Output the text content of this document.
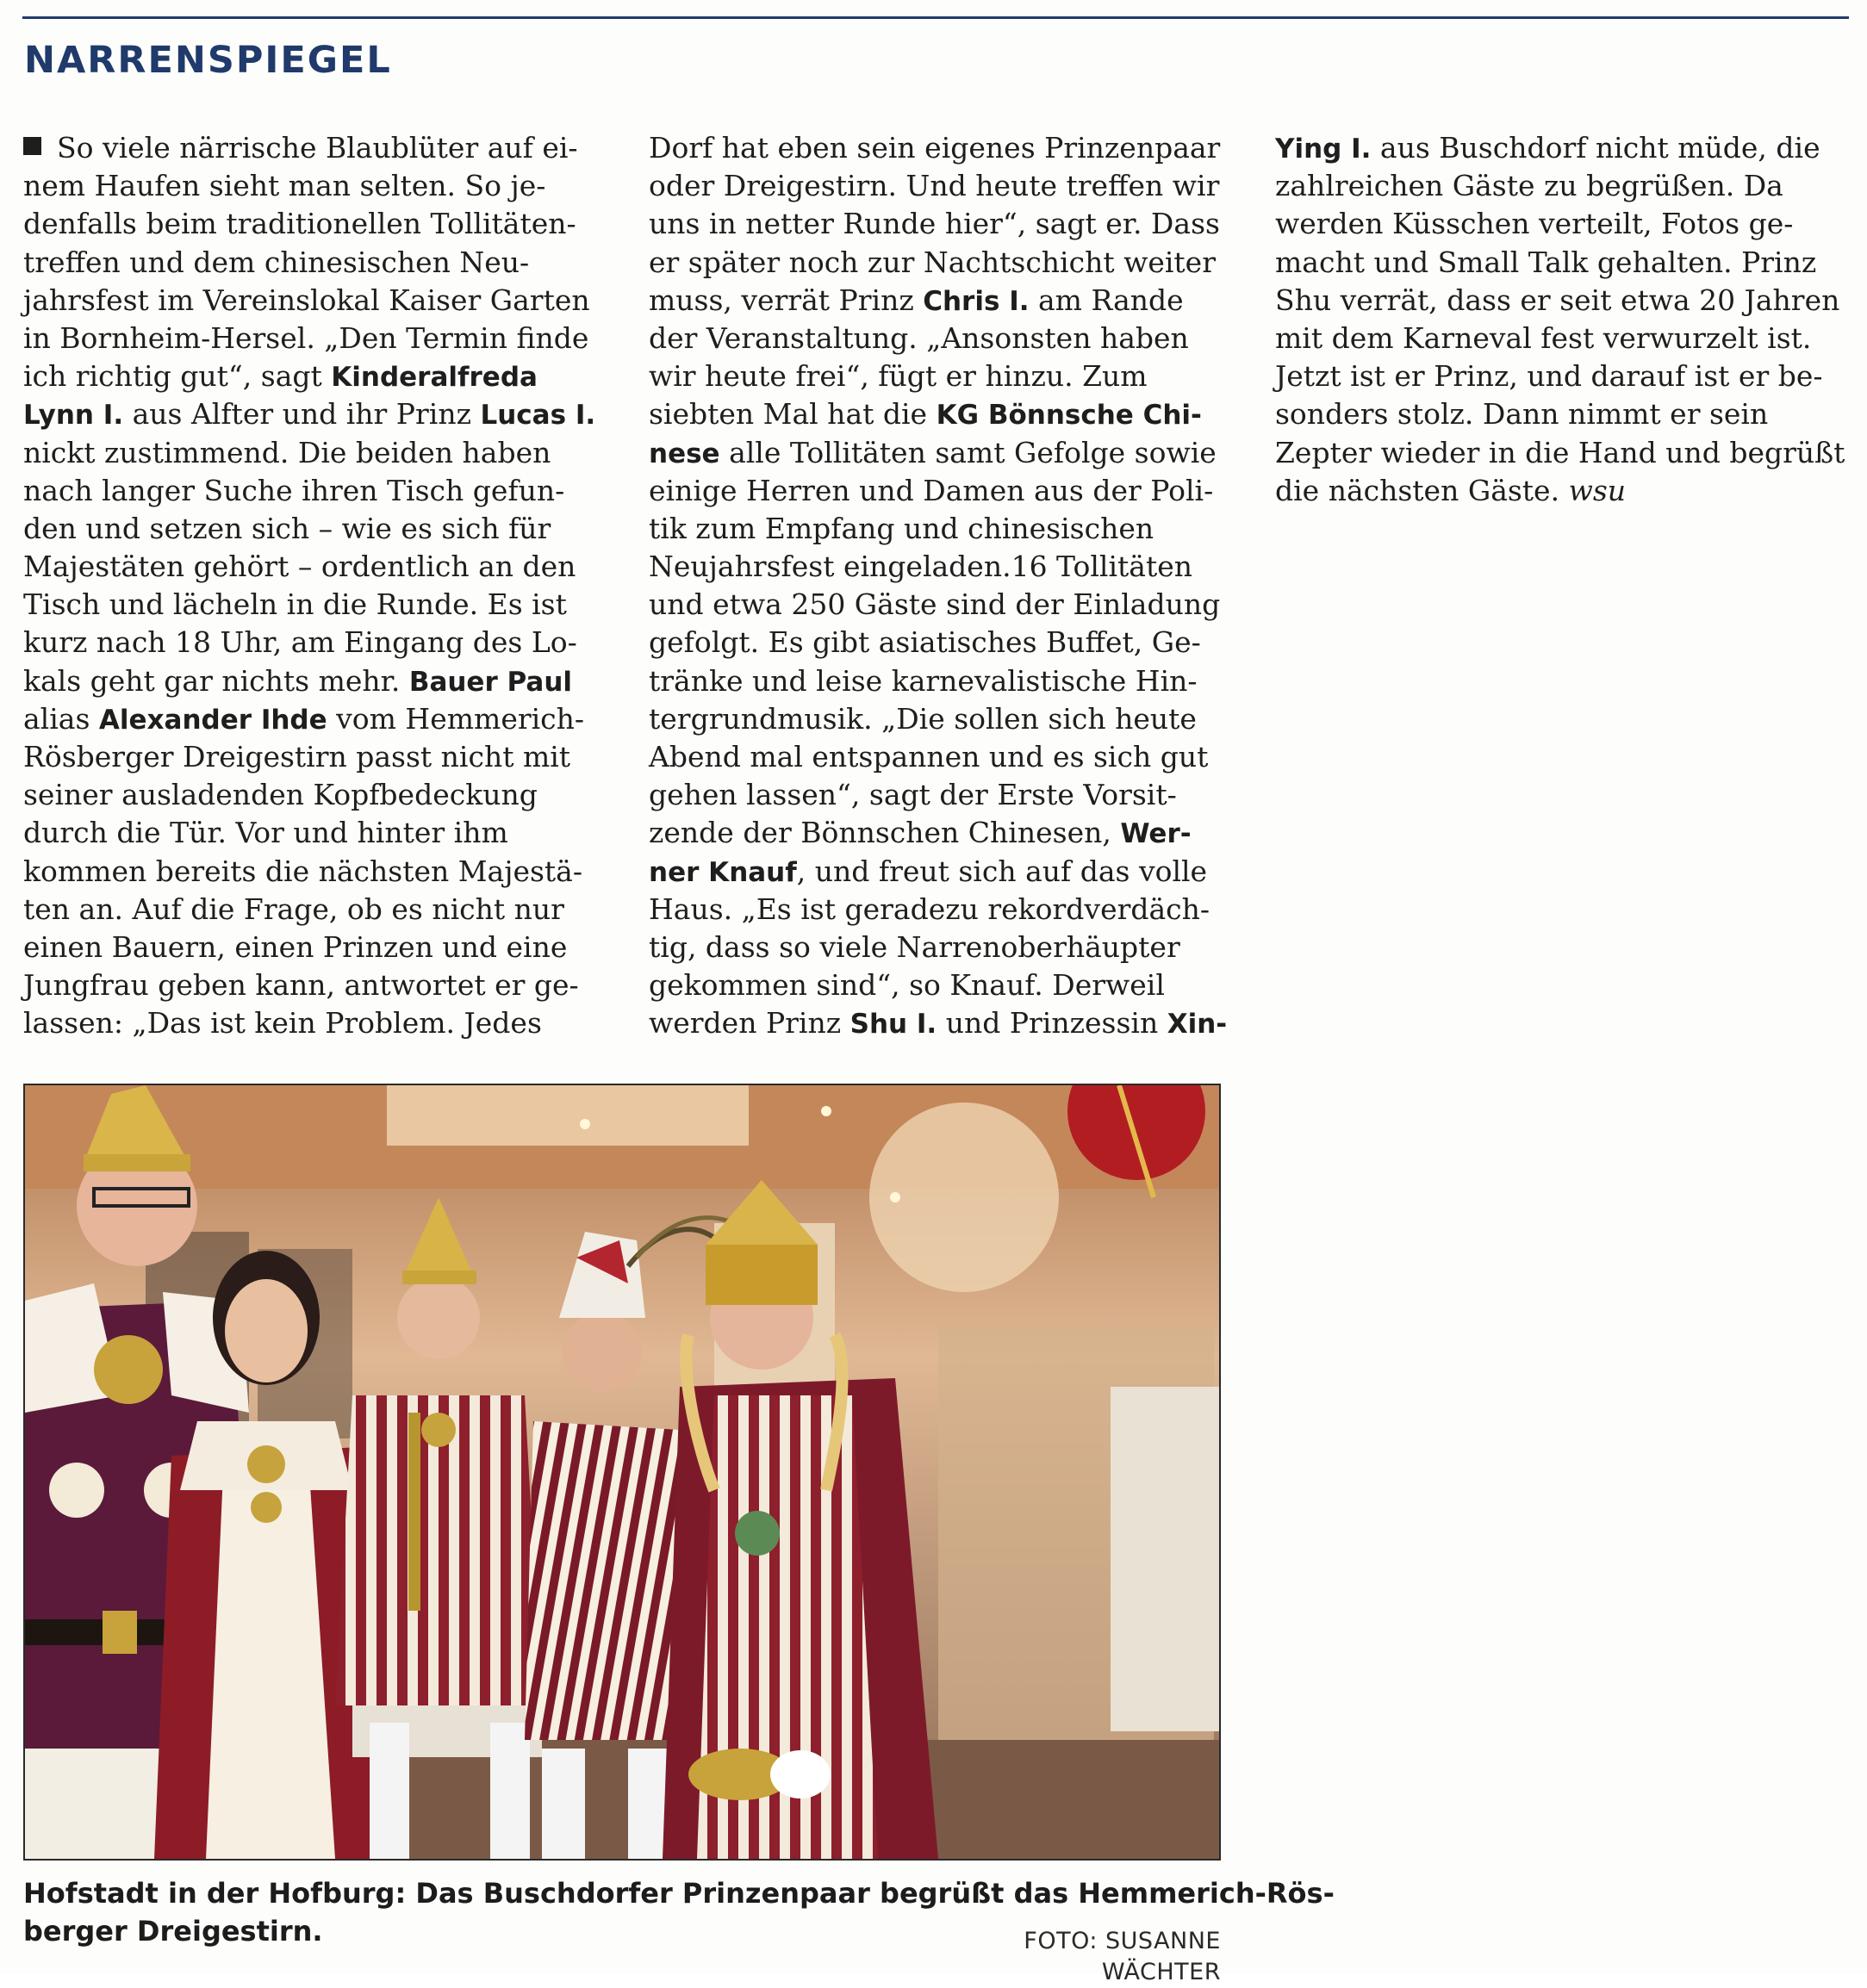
NARRENSPIEGEL
So viele närrische Blaublüter auf ei-
nem Haufen sieht man selten. So je-
denfalls beim traditionellen Tollitäten-
treffen und dem chinesischen Neu-
jahrsfest im Vereinslokal Kaiser Garten
in Bornheim-Hersel. „Den Termin finde
ich richtig gut“, sagt Kinderalfreda
Lynn I. aus Alfter und ihr Prinz Lucas I.
nickt zustimmend. Die beiden haben
nach langer Suche ihren Tisch gefun-
den und setzen sich – wie es sich für
Majestäten gehört – ordentlich an den
Tisch und lächeln in die Runde. Es ist
kurz nach 18 Uhr, am Eingang des Lo-
kals geht gar nichts mehr. Bauer Paul
alias Alexander Ihde vom Hemmerich-
Rösberger Dreigestirn passt nicht mit
seiner ausladenden Kopfbedeckung
durch die Tür. Vor und hinter ihm
kommen bereits die nächsten Majestä-
ten an. Auf die Frage, ob es nicht nur
einen Bauern, einen Prinzen und eine
Jungfrau geben kann, antwortet er ge-
lassen: „Das ist kein Problem. Jedes
Dorf hat eben sein eigenes Prinzenpaar
oder Dreigestirn. Und heute treffen wir
uns in netter Runde hier“, sagt er. Dass
er später noch zur Nachtschicht weiter
muss, verrät Prinz Chris I. am Rande
der Veranstaltung. „Ansonsten haben
wir heute frei“, fügt er hinzu. Zum
siebten Mal hat die KG Bönnsche Chi-
nese alle Tollitäten samt Gefolge sowie
einige Herren und Damen aus der Poli-
tik zum Empfang und chinesischen
Neujahrsfest eingeladen.16 Tollitäten
und etwa 250 Gäste sind der Einladung
gefolgt. Es gibt asiatisches Buffet, Ge-
tränke und leise karnevalistische Hin-
tergrundmusik. „Die sollen sich heute
Abend mal entspannen und es sich gut
gehen lassen“, sagt der Erste Vorsit-
zende der Bönnschen Chinesen, Wer-
ner Knauf, und freut sich auf das volle
Haus. „Es ist geradezu rekordverdäch-
tig, dass so viele Narrenoberhäupter
gekommen sind“, so Knauf. Derweil
werden Prinz Shu I. und Prinzessin Xin-
Ying I. aus Buschdorf nicht müde, die
zahlreichen Gäste zu begrüßen. Da
werden Küsschen verteilt, Fotos ge-
macht und Small Talk gehalten. Prinz
Shu verrät, dass er seit etwa 20 Jahren
mit dem Karneval fest verwurzelt ist.
Jetzt ist er Prinz, und darauf ist er be-
sonders stolz. Dann nimmt er sein
Zepter wieder in die Hand und begrüßt
die nächsten Gäste. wsu
Hofstadt in der Hofburg: Das Buschdorfer Prinzenpaar begrüßt das Hemmerich-Rös-
berger Dreigestirn.	FOTO: SUSANNE WÄCHTER
